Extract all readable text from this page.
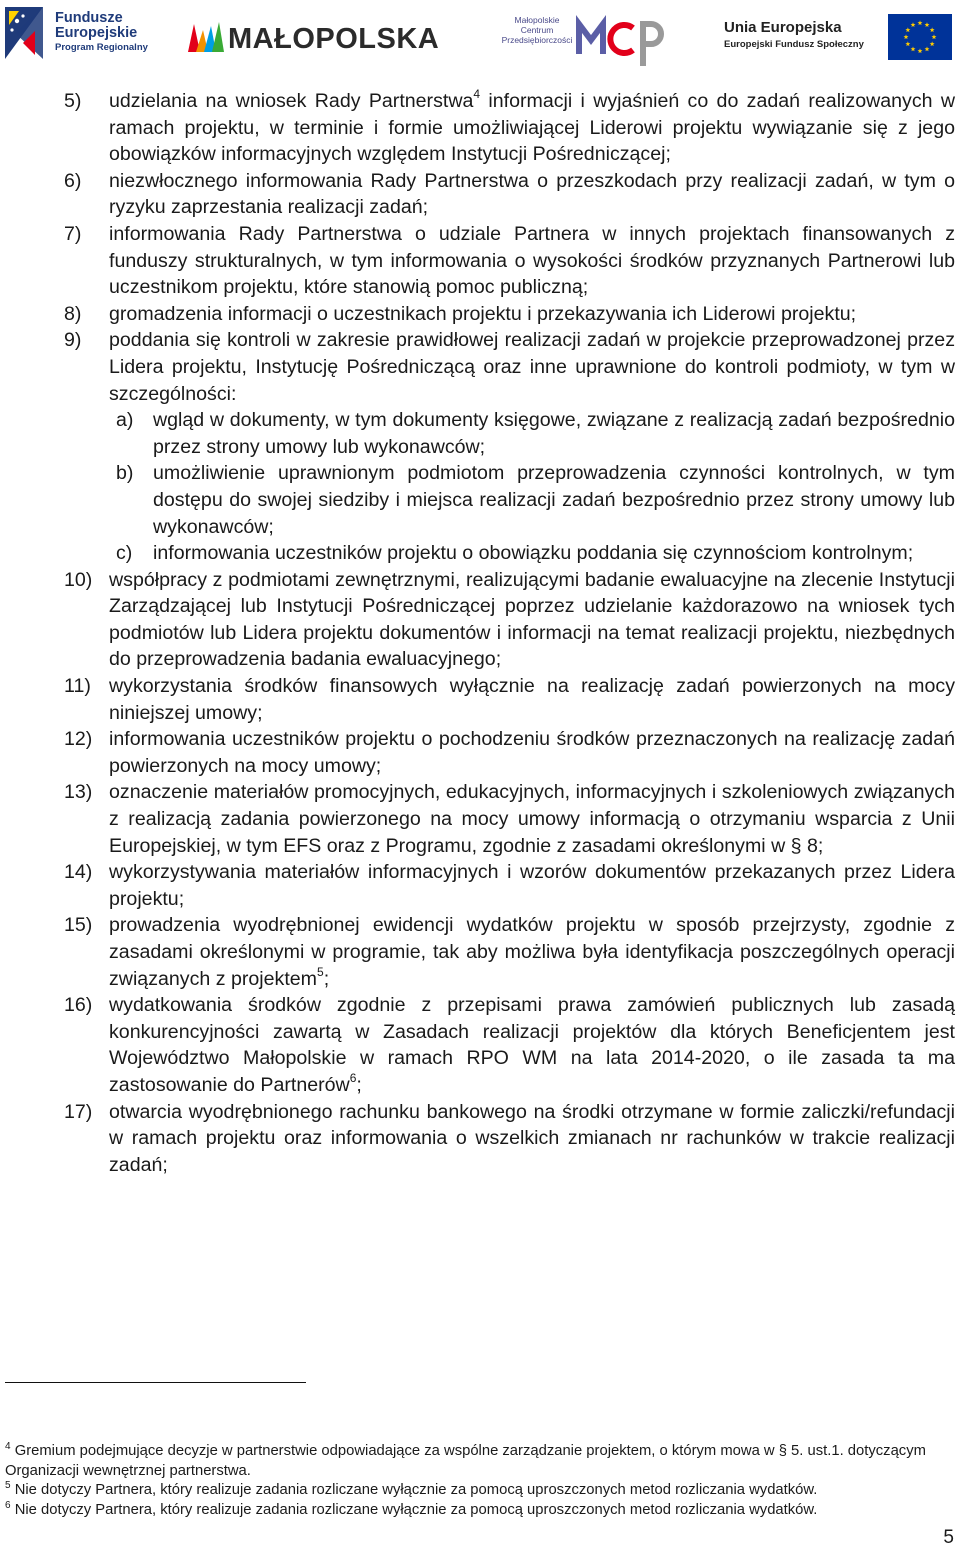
Fundusze
Europejskie
Program Regionalny	MAŁOPOLSKA
Małopolskie
Centrum
Przedsiębiorczości
Unia Europejska
Europejski Fundusz Społeczny
5) udzielania na wniosek Rady Partnerstwa$^4$ informacji i wyjaśnień co do zadań realizowanych w ramach projektu, w terminie i formie umożliwiającej Liderowi projektu wywiązanie się z jego obowiązków informacyjnych względem Instytucji Pośredniczącej;
6) niezwłocznego informowania Rady Partnerstwa o przeszkodach przy realizacji zadań, w tym o ryzyku zaprzestania realizacji zadań;
7) informowania Rady Partnerstwa o udziale Partnera w innych projektach finansowanych z funduszy strukturalnych, w tym informowania o wysokości środków przyznanych Partnerowi lub uczestnikom projektu, które stanowią pomoc publiczną;
8) gromadzenia informacji o uczestnikach projektu i przekazywania ich Liderowi projektu;
9) poddania się kontroli w zakresie prawidłowej realizacji zadań w projekcie przeprowadzonej przez Lidera projektu, Instytucję Pośredniczącą oraz inne uprawnione do kontroli podmioty, w tym w szczególności:
a) wgląd w dokumenty, w tym dokumenty księgowe, związane z realizacją zadań bezpośrednio przez strony umowy lub wykonawców;
b) umożliwienie uprawnionym podmiotom przeprowadzenia czynności kontrolnych, w tym dostępu do swojej siedziby i miejsca realizacji zadań bezpośrednio przez strony umowy lub wykonawców;
c) informowania uczestników projektu o obowiązku poddania się czynnościom kontrolnym;
10) współpracy z podmiotami zewnętrznymi, realizującymi badanie ewaluacyjne na zlecenie Instytucji Zarządzającej lub Instytucji Pośredniczącej poprzez udzielanie każdorazowo na wniosek tych podmiotów lub Lidera projektu dokumentów i informacji na temat realizacji projektu, niezbędnych do przeprowadzenia badania ewaluacyjnego;
11) wykorzystania środków finansowych wyłącznie na realizację zadań powierzonych na mocy niniejszej umowy;
12) informowania uczestników projektu o pochodzeniu środków przeznaczonych na realizację zadań powierzonych na mocy umowy;
13) oznaczenie materiałów promocyjnych, edukacyjnych, informacyjnych i szkoleniowych związanych z realizacją zadania powierzonego na mocy umowy informacją o otrzymaniu wsparcia z Unii Europejskiej, w tym EFS oraz z Programu, zgodnie z zasadami określonymi w § 8;
14) wykorzystywania materiałów informacyjnych i wzorów dokumentów przekazanych przez Lidera projektu;
15) prowadzenia wyodrębnionej ewidencji wydatków projektu w sposób przejrzysty, zgodnie z zasadami określonymi w programie, tak aby możliwa była identyfikacja poszczególnych operacji związanych z projektem$^5$;
16) wydatkowania środków zgodnie z przepisami prawa zamówień publicznych lub zasadą konkurencyjności zawartą w Zasadach realizacji projektów dla których Beneficjentem jest Województwo Małopolskie w ramach RPO WM na lata 2014-2020, o ile zasada ta ma zastosowanie do Partnerów$^6$;
17) otwarcia wyodrębnionego rachunku bankowego na środki otrzymane w formie zaliczki/refundacji w ramach projektu oraz informowania o wszelkich zmianach nr rachunków w trakcie realizacji zadań;
$^4$ Gremium podejmujące decyzje w partnerstwie odpowiadające za wspólne zarządzanie projektem, o którym mowa w § 5. ust.1. dotyczącym Organizacji wewnętrznej partnerstwa.
$^5$ Nie dotyczy Partnera, który realizuje zadania rozliczane wyłącznie za pomocą uproszczonych metod rozliczania wydatków.
$^6$ Nie dotyczy Partnera, który realizuje zadania rozliczane wyłącznie za pomocą uproszczonych metod rozliczania wydatków.
5
